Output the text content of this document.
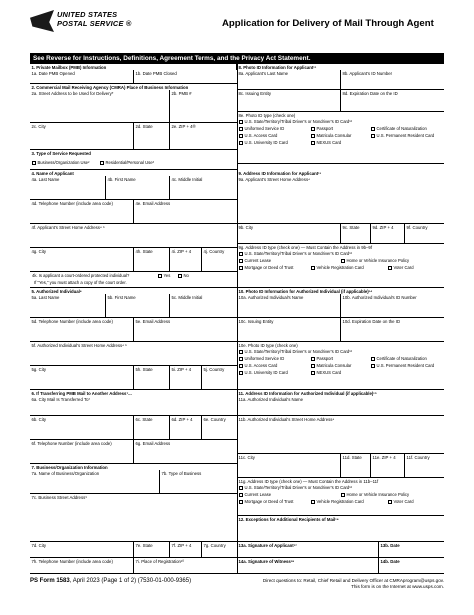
UNITED STATES
POSTAL SERVICE ®	Application for Delivery of Mail Through Agent
See Reverse for Instructions, Definitions, Agreement Terms, and the Privacy Act Statement.
1. Private Mailbox (PMB) Information
1a. Date PMB Opened	1b. Date PMB Closed
2. Commercial Mail Receiving Agency (CMRA) Place of Business Information
2a. Street Address to be Used for Delivery*	2b. PMB #
2c. City	2d. State	2e. ZIP + 4®
3. Type of Service Requested
Business/Organization Use²	Residential/Personal Use³
4. Name of Applicant
4a. Last Name	4b. First Name	4c. Middle Initial
4d. Telephone Number (include area code)	4e. Email Address
4f. Applicant's Street Home Address⁴ ⁵
4g. City	4h. State	4i. ZIP + 4	4j. Country
4k. Is applicant a court-ordered protected individual?	Yes	No
If "Yes," you must attach a copy of the court order.
5. Authorized Individual⁶
5a. Last Name	5b. First Name	5c. Middle Initial
5d. Telephone Number (include area code)	5e. Email Address
5f. Authorized Individual's Street Home Address⁴ ⁵
5g. City	5h. State	5i. ZIP + 4	5j. Country
6. If Transferring PMB Mail to Another Address⁷...
6a. City Mail Is Transferred To⁷
6b. City	6c. State	6d. ZIP + 4	6e. Country
6f. Telephone Number (include area code)	6g. Email Address
7. Business/Organization Information
7a. Name of Business/Organization	7b. Type of Business
7c. Business Street Address⁹
7d. City	7e. State	7f. ZIP + 4	7g. Country
7h. Telephone Number (include area code)	7i. Place of Registration¹⁰
8. Photo ID Information for Applicant¹¹
8a. Applicant's Last Name	8b. Applicant's ID Number
8c. Issuing Entity	8d. Expiration Date on the ID
8e. Photo ID type (check one)
U.S. State/Territory/Tribal Driver's or Nondriver's ID Card¹²
Uniformed Service ID	Passport	Certificate of Naturalization
U.S. Access Card	Matricula Consular	U.S. Permanent Resident Card
U.S. University ID Card	NEXUS Card
9. Address ID Information for Applicant¹³
9a. Applicant's Street Home Address⁴
9b. City	9c. State	9d. ZIP + 4	9f. Country
9g. Address ID type (check one) — Must Contain the Address in 9b–9f
U.S. State/Territory/Tribal Driver's or Nondriver's ID Card¹²
Current Lease	Home or Vehicle Insurance Policy
Mortgage or Deed of Trust	Vehicle Registration Card	Voter Card
10. Photo ID Information for Authorized Individual (if applicable)¹⁴
10a. Authorized Individual's Name	10b. Authorized Individual's ID Number
10c. Issuing Entity	10d. Expiration Date on the ID
10e. Photo ID type (check one)
U.S. State/Territory/Tribal Driver's or Nondriver's ID Card¹²
Uniformed Service ID	Passport	Certificate of Naturalization
U.S. Access Card	Matricula Consular	U.S. Permanent Resident Card
U.S. University ID Card	NEXUS Card
11. Address ID Information for Authorized Individual (if applicable)¹⁵
11a. Authorized Individual's Name
11b. Authorized Individual's Street Home Address⁴
11c. City	11d. State	11e. ZIP + 4	11f. Country
11g. Address ID type (check one) — Must Contain the Address in 11b–11f
U.S. State/Territory/Tribal Driver's or Nondriver's ID Card¹²
Current Lease	Home or Vehicle Insurance Policy
Mortgage or Deed of Trust	Vehicle Registration Card	Voter Card
12. Exceptions for Additional Recipients of Mail¹⁶
13a. Signature of Applicant¹⁷	13b. Date
14a. Signature of Witness¹⁸	14b. Date
PS Form 1583, April 2023 (Page 1 of 2) (7530-01-000-9365)	Direct questions to: Retail, Chief Retail and Delivery Officer at CMRAprogram@usps.gov.
This form is on the Internet at www.usps.com.
